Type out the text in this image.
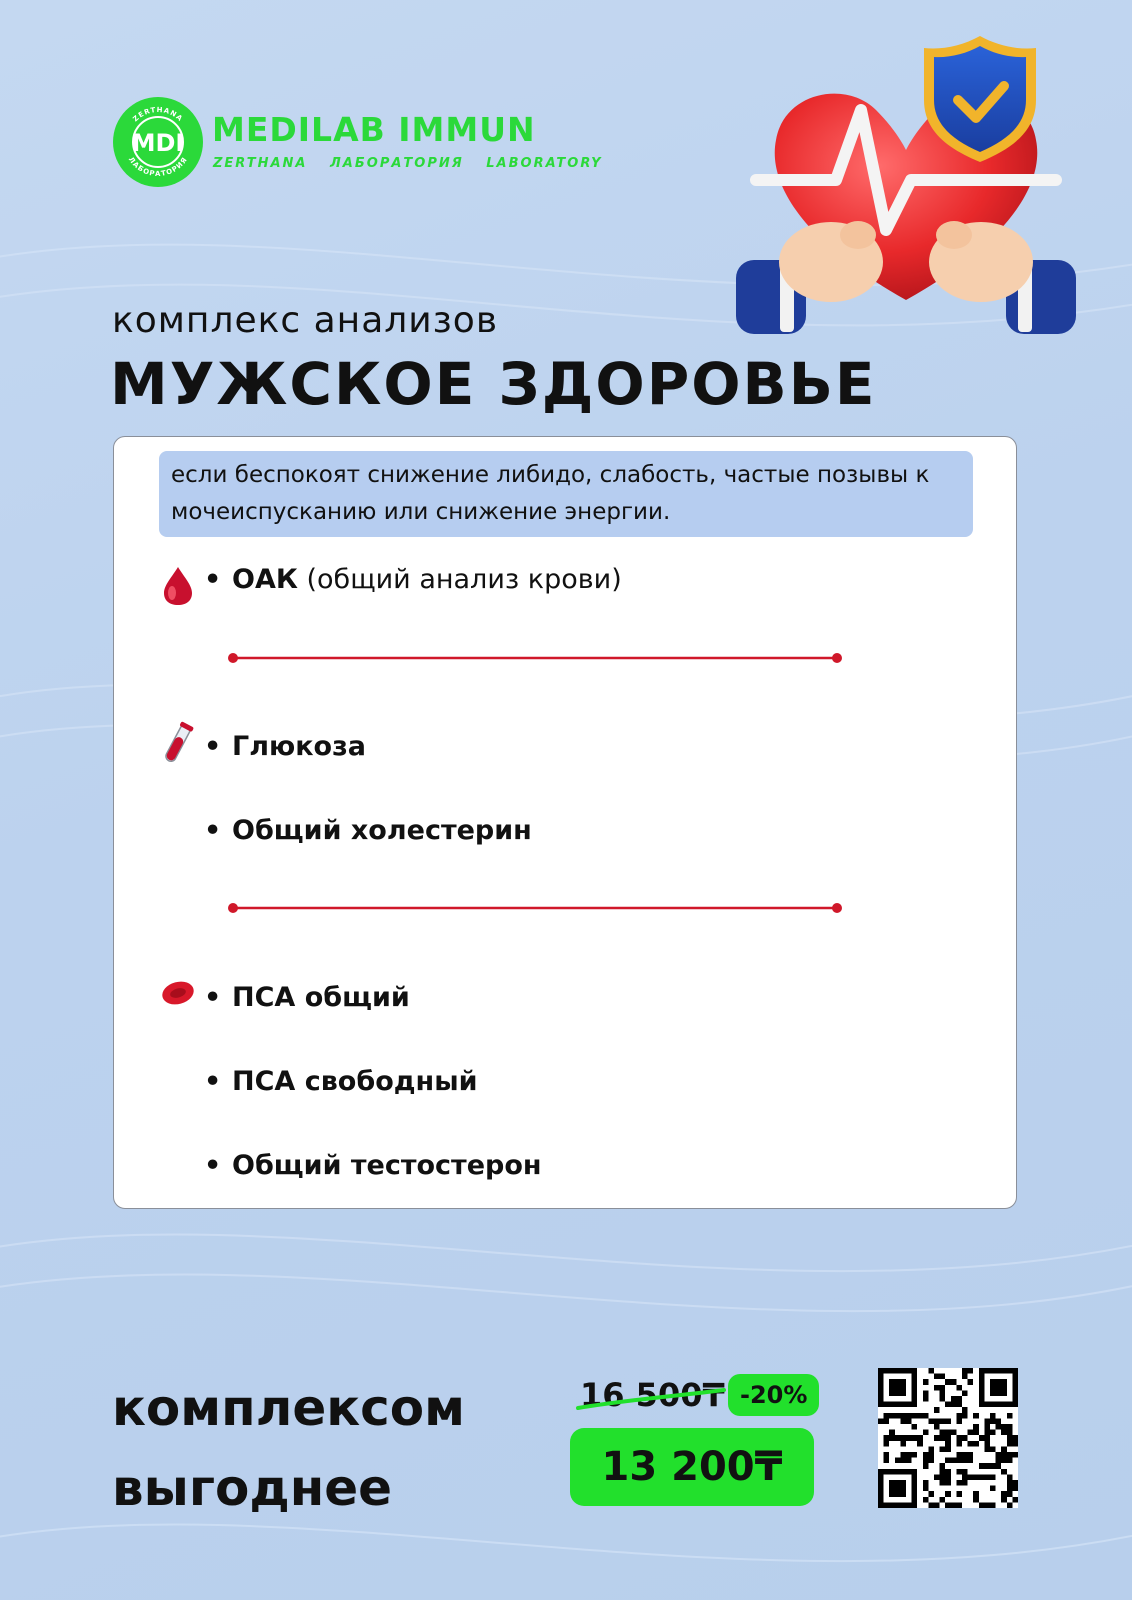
MDI
ZERTHANA
ЛАБОРАТОРИЯ
MEDILAB IMMUN
ZERTHANA ЛАБОРАТОРИЯ LABORATORY
комплекс анализов
МУЖСКОЕ ЗДОРОВЬЕ
если беспокоят снижение либидо, слабость, частые позывы к мочеиспусканию или снижение энергии.
• ОАК (общий анализ крови)
• Глюкоза
• Общий холестерин
• ПСА общий
• ПСА свободный
• Общий тестостерон
комплексом
выгоднее
16 500₸ -20%
13 200₸
